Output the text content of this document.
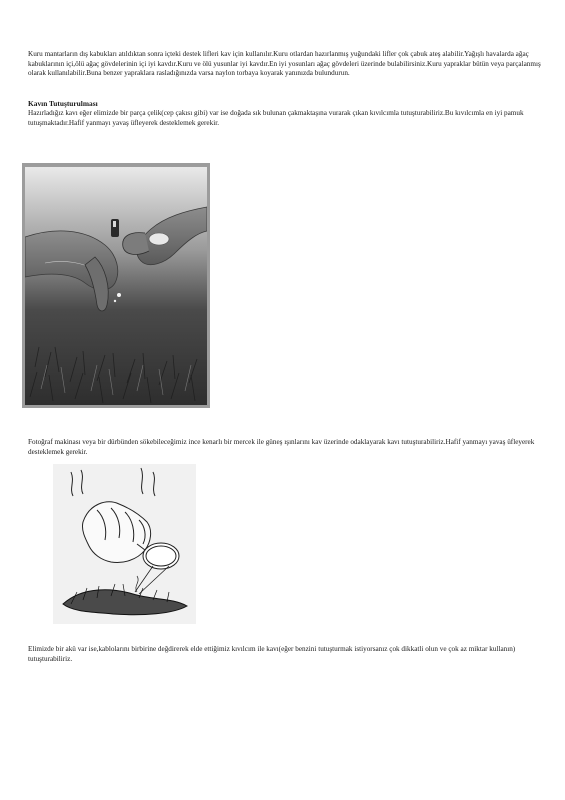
Kuru mantarların dış kabukları atıldıktan sonra içteki destek lifleri kav için kullanılır.Kuru otlardan hazırlanmış yuğundaki lifler çok çabuk ateş alabilir.Yağışlı havalarda ağaç kabuklarının içi,ölü ağaç gövdelerinin içi iyi kavdır.Kuru ve ölü yusunlar iyi kavdır.En iyi yosunları ağaç gövdeleri üzerinde bulabilirsiniz.Kuru yapraklar bütün veya parçalanmış olarak kullanılabilir.Buna benzer yapraklara rasladığınızda varsa naylon torbaya koyarak yanınızda bulundurun.

Kavın Tutuşturulması

Hazırladığız kavı eğer elimizde bir parça çelik(cep çakısı gibi) var ise doğada sık bulunan çakmaktaşına vurarak çıkan kıvılcımla tutuşturabiliriz.Bu kıvılcımla en iyi pamuk tutuşmaktadır.Hafif yanmayı yavaş üfleyerek desteklemek gerekir.

Fotoğraf makinası veya bir dürbünden sökebileceğimiz ince kenarlı bir mercek ile güneş ışınlarını kav üzerinde odaklayarak kavı tutuşturabiliriz.Hafif yanmayı yavaş üfleyerek desteklemek gerekir.

Elimizde bir akü var ise,kablolarını birbirine değdirerek elde ettiğimiz kıvılcım ile kavı(eğer benzini tutuşturmak istiyorsanız çok dikkatli olun ve çok az miktar kullanın) tutuşturabiliriz.
